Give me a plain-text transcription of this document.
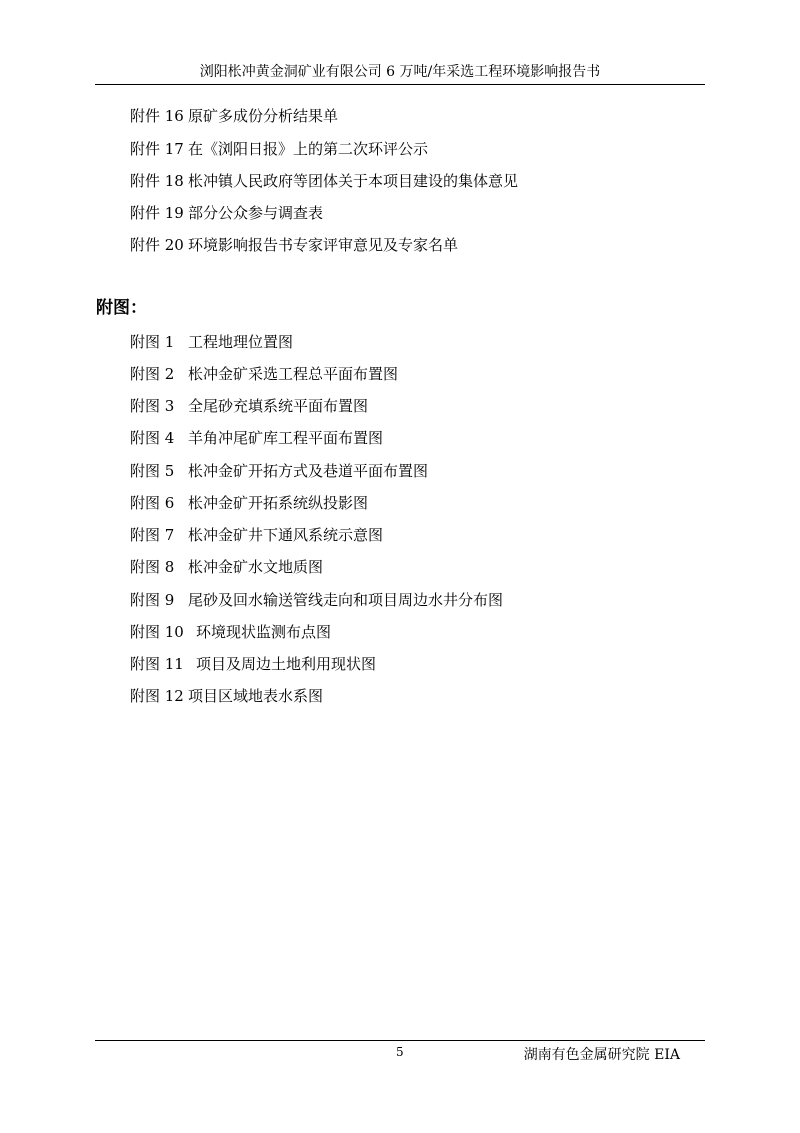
浏阳枨冲黄金洞矿业有限公司 6 万吨/年采选工程环境影响报告书
附件 16 原矿多成份分析结果单
附件 17 在《浏阳日报》上的第二次环评公示
附件 18 枨冲镇人民政府等团体关于本项目建设的集体意见
附件 19 部分公众参与调查表
附件 20 环境影响报告书专家评审意见及专家名单
附图：
附图 1 工程地理位置图
附图 2 枨冲金矿采选工程总平面布置图
附图 3 全尾砂充填系统平面布置图
附图 4 羊角冲尾矿库工程平面布置图
附图 5 枨冲金矿开拓方式及巷道平面布置图
附图 6 枨冲金矿开拓系统纵投影图
附图 7 枨冲金矿井下通风系统示意图
附图 8 枨冲金矿水文地质图
附图 9 尾砂及回水输送管线走向和项目周边水井分布图
附图 10 环境现状监测布点图
附图 11 项目及周边土地利用现状图
附图 12 项目区域地表水系图
5	湖南有色金属研究院 EIA
